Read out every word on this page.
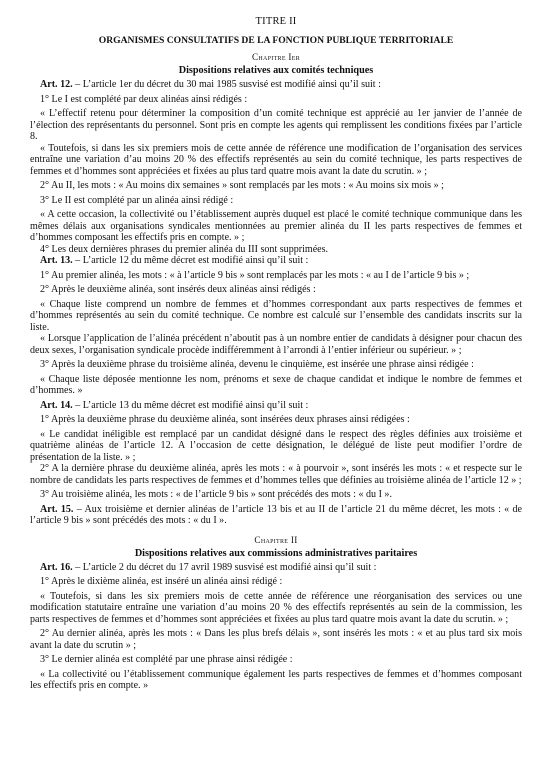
TITRE II
ORGANISMES CONSULTATIFS DE LA FONCTION PUBLIQUE TERRITORIALE
Chapitre Ier
Dispositions relatives aux comités techniques

Art. 12. – L’article 1er du décret du 30 mai 1985 susvisé est modifié ainsi qu’il suit :

1° Le I est complété par deux alinéas ainsi rédigés :

« L’effectif retenu pour déterminer la composition d’un comité technique est apprécié au 1er janvier de l’année de l’élection des représentants du personnel. Sont pris en compte les agents qui remplissent les conditions fixées par l’article 8.

« Toutefois, si dans les six premiers mois de cette année de référence une modification de l’organisation des services entraîne une variation d’au moins 20 % des effectifs représentés au sein du comité technique, les parts respectives de femmes et d’hommes sont appréciées et fixées au plus tard quatre mois avant la date du scrutin. » ;

2° Au II, les mots : « Au moins dix semaines » sont remplacés par les mots : « Au moins six mois » ;

3° Le II est complété par un alinéa ainsi rédigé :

« A cette occasion, la collectivité ou l’établissement auprès duquel est placé le comité technique communique dans les mêmes délais aux organisations syndicales mentionnées au premier alinéa du II les parts respectives de femmes et d’hommes composant les effectifs pris en compte. » ;

4° Les deux dernières phrases du premier alinéa du III sont supprimées.

Art. 13. – L’article 12 du même décret est modifié ainsi qu’il suit :

1° Au premier alinéa, les mots : « à l’article 9 bis » sont remplacés par les mots : « au I de l’article 9 bis » ;

2° Après le deuxième alinéa, sont insérés deux alinéas ainsi rédigés :

« Chaque liste comprend un nombre de femmes et d’hommes correspondant aux parts respectives de femmes et d’hommes représentés au sein du comité technique. Ce nombre est calculé sur l’ensemble des candidats inscrits sur la liste.

« Lorsque l’application de l’alinéa précédent n’aboutit pas à un nombre entier de candidats à désigner pour chacun des deux sexes, l’organisation syndicale procède indifféremment à l’arrondi à l’entier inférieur ou supérieur. » ;

3° Après la deuxième phrase du troisième alinéa, devenu le cinquième, est insérée une phrase ainsi rédigée :

« Chaque liste déposée mentionne les nom, prénoms et sexe de chaque candidat et indique le nombre de femmes et d’hommes. »

Art. 14. – L’article 13 du même décret est modifié ainsi qu’il suit :

1° Après la deuxième phrase du deuxième alinéa, sont insérées deux phrases ainsi rédigées :

« Le candidat inéligible est remplacé par un candidat désigné dans le respect des règles définies aux troisième et quatrième alinéas de l’article 12. A l’occasion de cette désignation, le délégué de liste peut modifier l’ordre de présentation de la liste. » ;

2° A la dernière phrase du deuxième alinéa, après les mots : « à pourvoir », sont insérés les mots : « et respecte sur le nombre de candidats les parts respectives de femmes et d’hommes telles que définies au troisième alinéa de l’article 12 » ;

3° Au troisième alinéa, les mots : « de l’article 9 bis » sont précédés des mots : « du I ».

Art. 15. – Aux troisième et dernier alinéas de l’article 13 bis et au II de l’article 21 du même décret, les mots : « de l’article 9 bis » sont précédés des mots : « du I ».

Chapitre II
Dispositions relatives aux commissions administratives paritaires

Art. 16. – L’article 2 du décret du 17 avril 1989 susvisé est modifié ainsi qu’il suit :

1° Après le dixième alinéa, est inséré un alinéa ainsi rédigé :

« Toutefois, si dans les six premiers mois de cette année de référence une réorganisation des services ou une modification statutaire entraîne une variation d’au moins 20 % des effectifs représentés au sein de la commission, les parts respectives de femmes et d’hommes sont appréciées et fixées au plus tard quatre mois avant la date du scrutin. » ;

2° Au dernier alinéa, après les mots : « Dans les plus brefs délais », sont insérés les mots : « et au plus tard six mois avant la date du scrutin » ;

3° Le dernier alinéa est complété par une phrase ainsi rédigée :

« La collectivité ou l’établissement communique également les parts respectives de femmes et d’hommes composant les effectifs pris en compte. »
